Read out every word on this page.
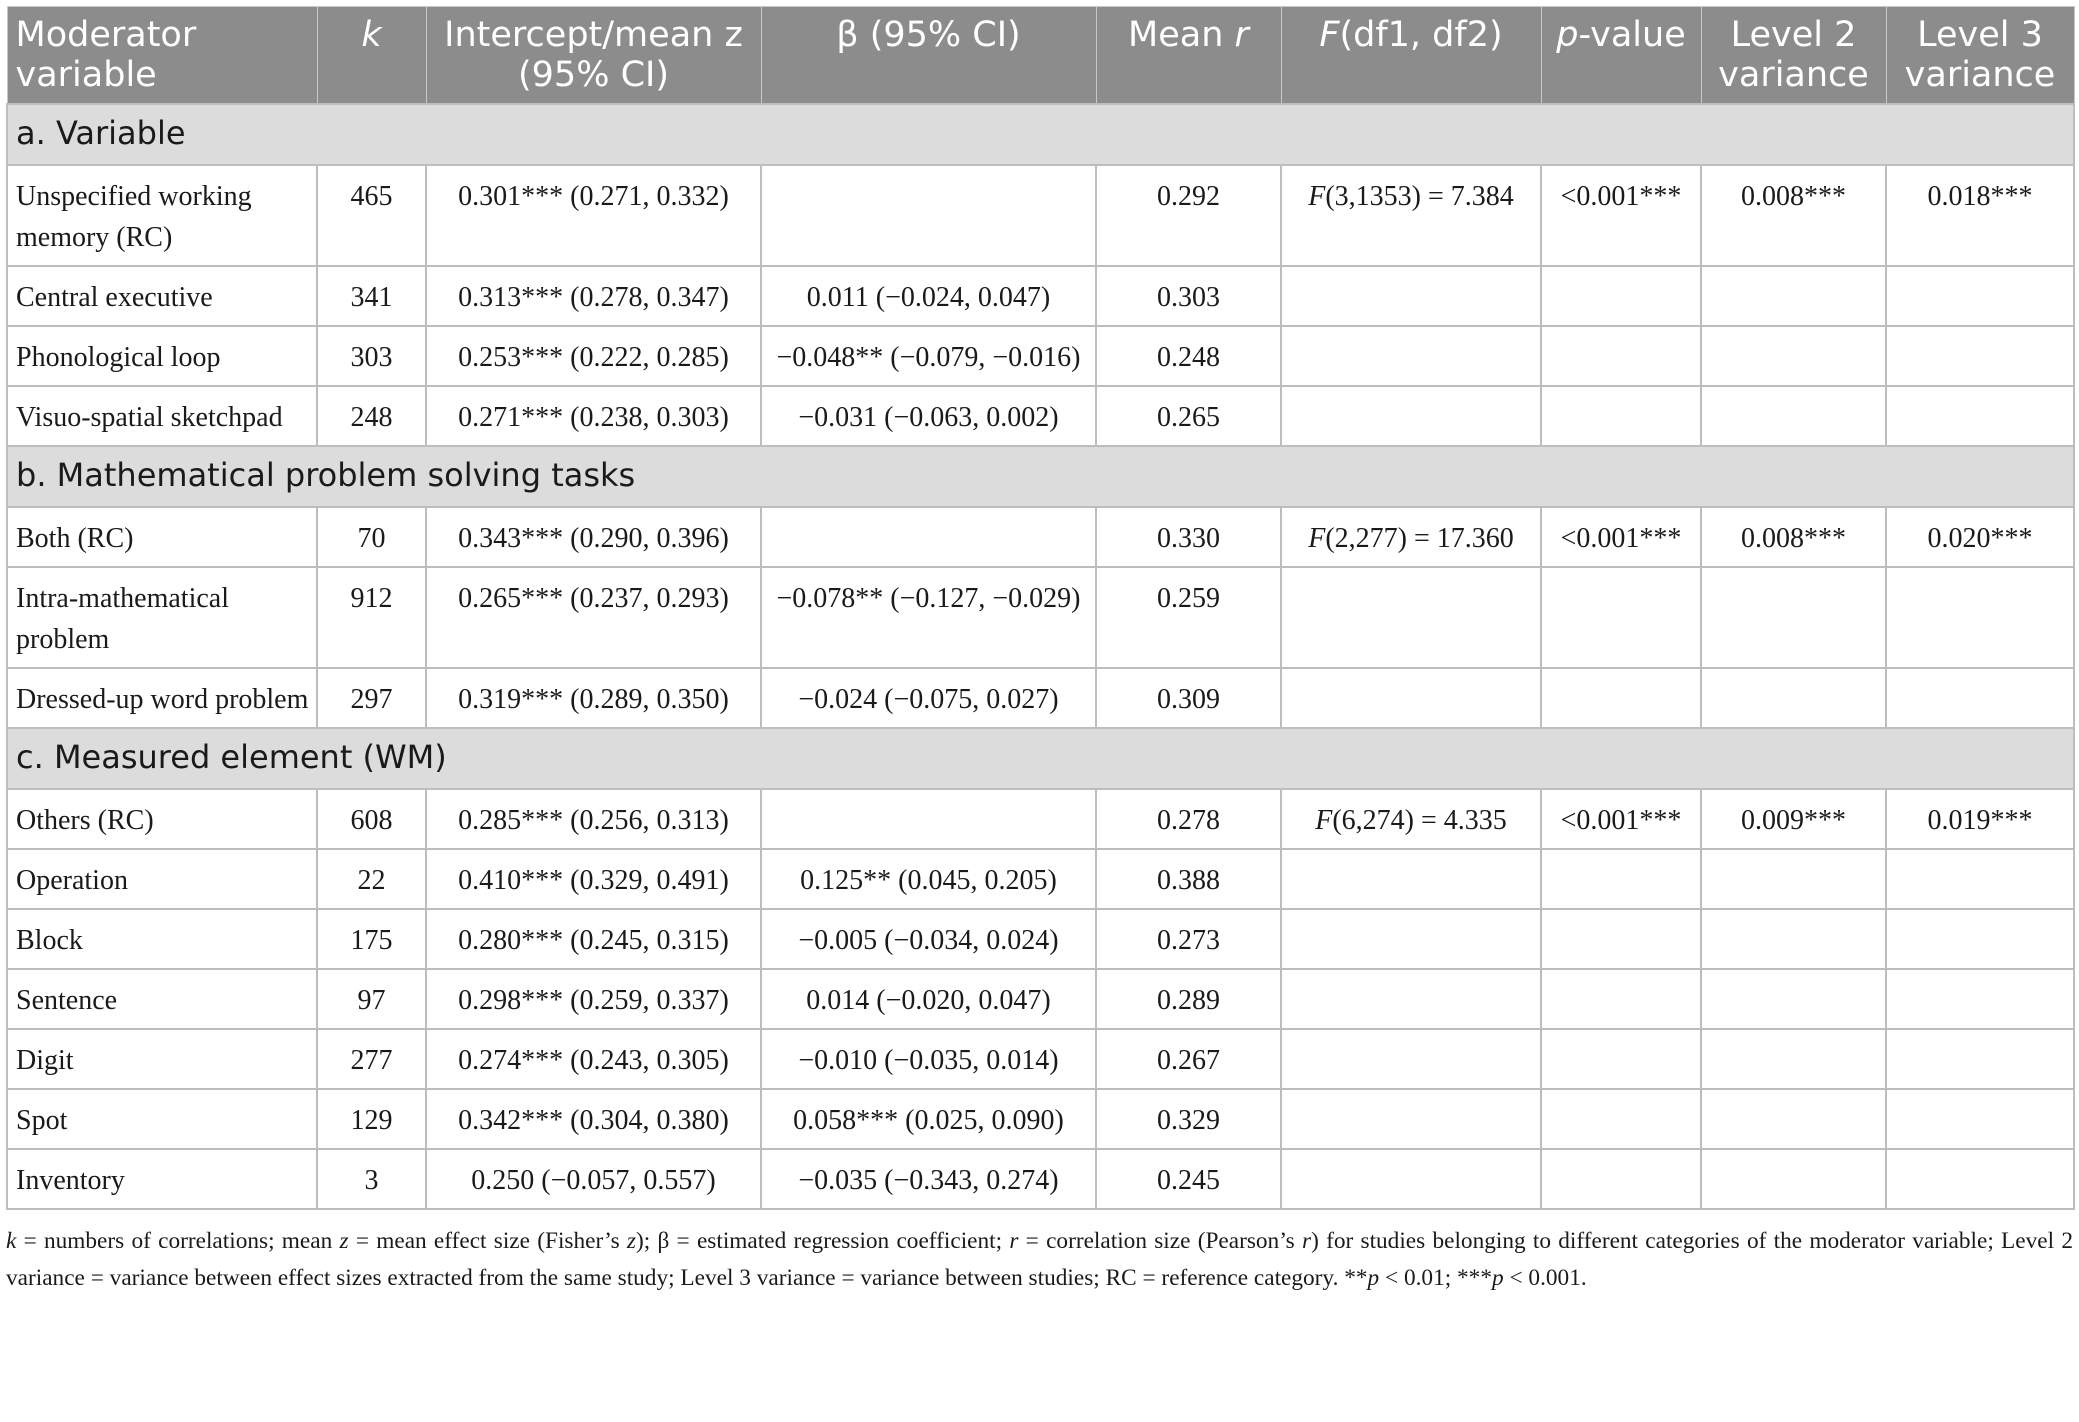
Moderator variable	k	Intercept/mean z (95% CI)	β (95% CI)	Mean r	F(df1, df2)	p-value	Level 2 variance	Level 3 variance
a. Variable								
Unspecified working memory (RC)	465	0.301*** (0.271, 0.332)		0.292	F(3,1353) = 7.384	<0.001***	0.008***	0.018***
Central executive	341	0.313*** (0.278, 0.347)	0.011 (−0.024, 0.047)	0.303				
Phonological loop	303	0.253*** (0.222, 0.285)	−0.048** (−0.079, −0.016)	0.248				
Visuo-spatial sketchpad	248	0.271*** (0.238, 0.303)	−0.031 (−0.063, 0.002)	0.265				
b. Mathematical problem solving tasks								
Both (RC)	70	0.343*** (0.290, 0.396)		0.330	F(2,277) = 17.360	<0.001***	0.008***	0.020***
Intra-mathematical problem	912	0.265*** (0.237, 0.293)	−0.078** (−0.127, −0.029)	0.259				
Dressed-up word problem	297	0.319*** (0.289, 0.350)	−0.024 (−0.075, 0.027)	0.309				
c. Measured element (WM)								
Others (RC)	608	0.285*** (0.256, 0.313)		0.278	F(6,274) = 4.335	<0.001***	0.009***	0.019***
Operation	22	0.410*** (0.329, 0.491)	0.125** (0.045, 0.205)	0.388				
Block	175	0.280*** (0.245, 0.315)	−0.005 (−0.034, 0.024)	0.273				
Sentence	97	0.298*** (0.259, 0.337)	0.014 (−0.020, 0.047)	0.289				
Digit	277	0.274*** (0.243, 0.305)	−0.010 (−0.035, 0.014)	0.267				
Spot	129	0.342*** (0.304, 0.380)	0.058*** (0.025, 0.090)	0.329				
Inventory	3	0.250 (−0.057, 0.557)	−0.035 (−0.343, 0.274)	0.245				
k = numbers of correlations; mean z = mean effect size (Fisher’s z); β = estimated regression coefficient; r = correlation size (Pearson’s r) for studies belonging to different categories of the moderator variable; Level 2 variance = variance between effect sizes extracted from the same study; Level 3 variance = variance between studies; RC = reference category. **p < 0.01; ***p < 0.001.
